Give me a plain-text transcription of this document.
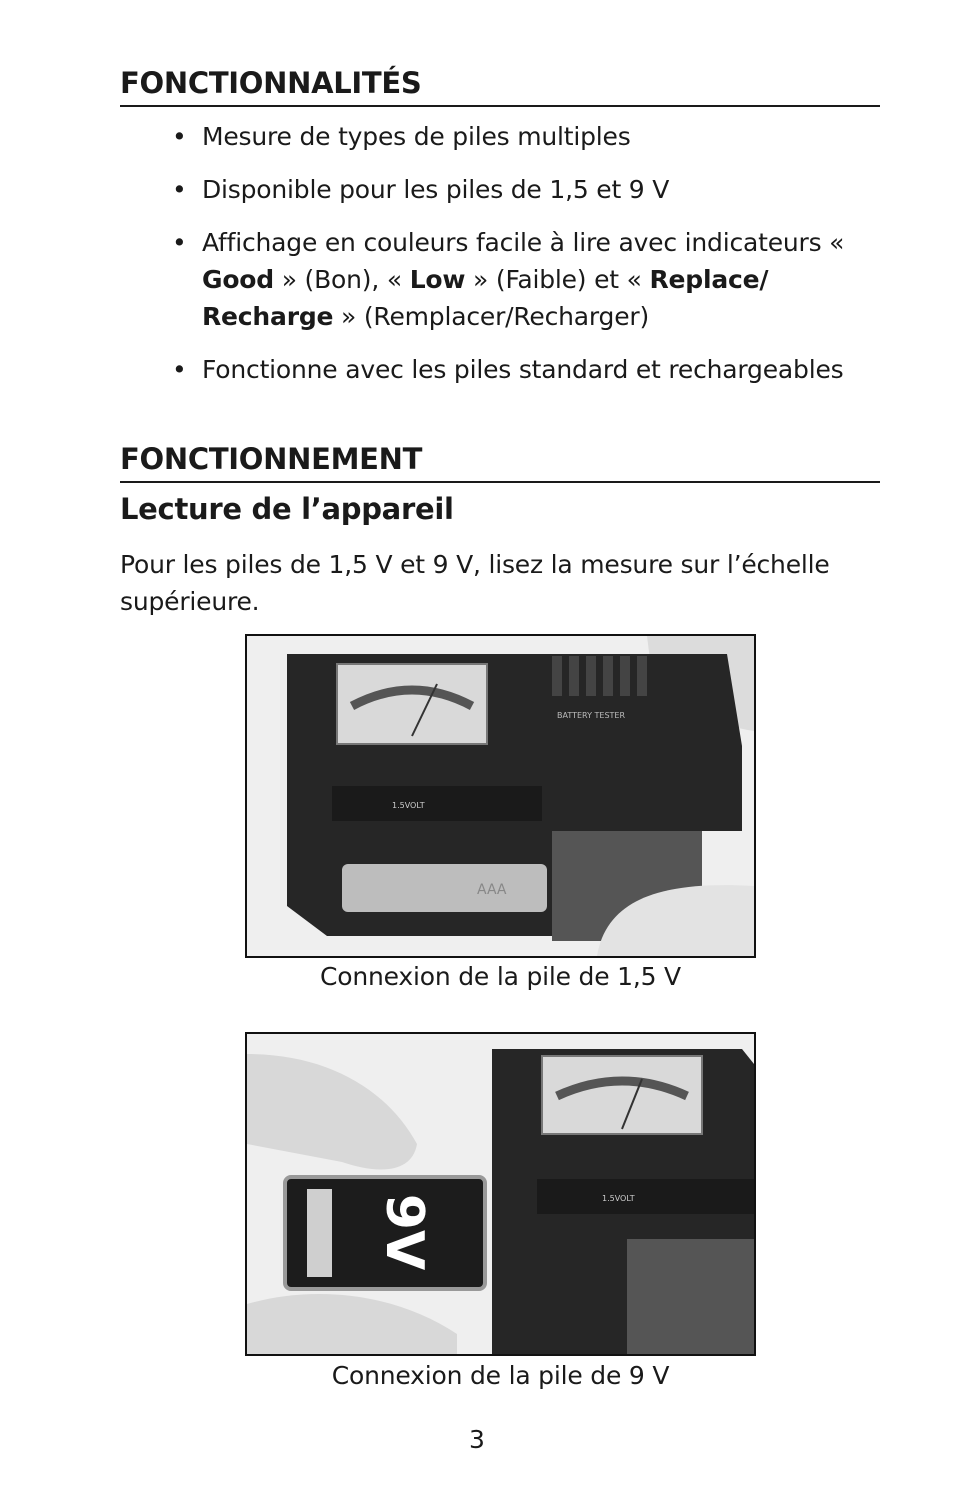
FONCTIONNALITÉS
• Mesure de types de piles multiples
• Disponible pour les piles de 1,5 et 9 V
• Affichage en couleurs facile à lire avec indicateurs « Good » (Bon), « Low » (Faible) et « Replace/ Recharge » (Remplacer/Recharger)
• Fonctionne avec les piles standard et rechargeables
FONCTIONNEMENT
Lecture de l’appareil

Pour les piles de 1,5 V et 9 V, lisez la mesure sur l’échelle supérieure.

BATTERY TESTER
1.5VOLT
AAA
Connexion de la pile de 1,5 V
1.5VOLT
9V
Connexion de la pile de 9 V
3
